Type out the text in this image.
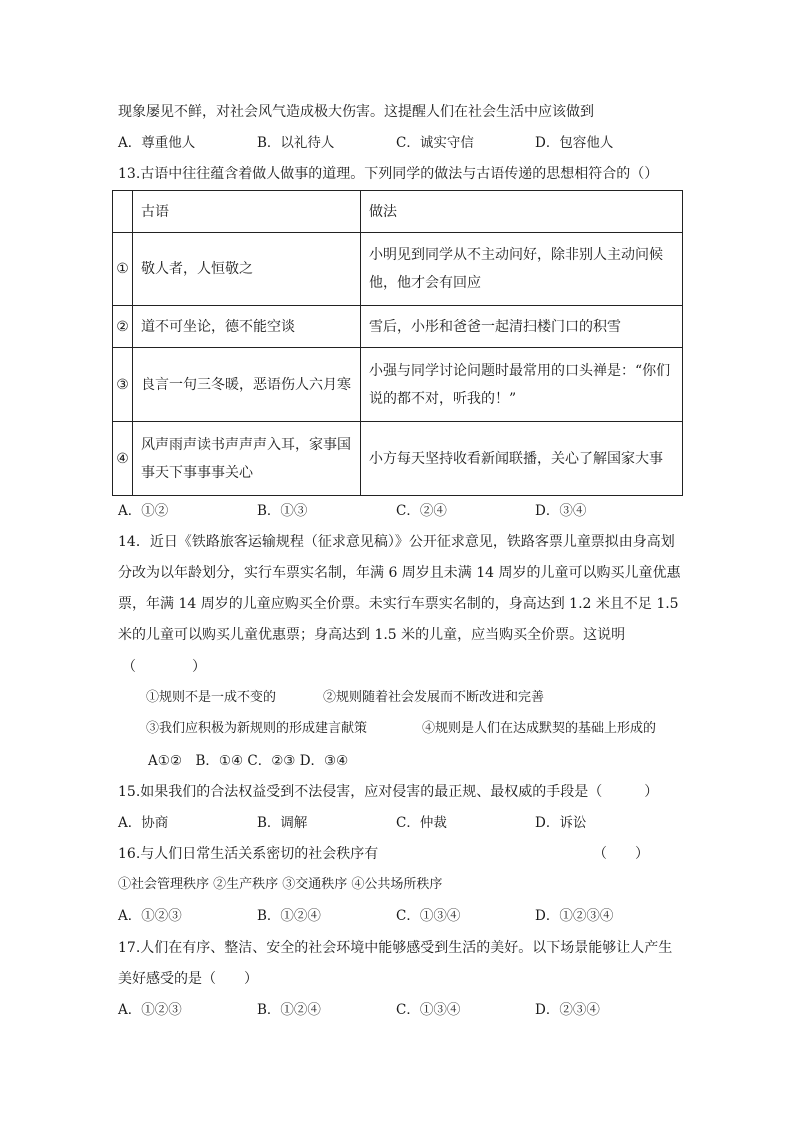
现象屡见不鲜，对社会风气造成极大伤害。这提醒人们在社会生活中应该做到
A．尊重他人	B．以礼待人	C．诚实守信	D．包容他人
13.古语中往往蕴含着做人做事的道理。下列同学的做法与古语传递的思想相符合的（）
	古语	做法
①	敬人者，人恒敬之	小明见到同学从不主动问好，除非别人主动问候他，他才会有回应
②	道不可坐论，德不能空谈	雪后，小彤和爸爸一起清扫楼门口的积雪
③	良言一句三冬暖，恶语伤人六月寒	小强与同学讨论问题时最常用的口头禅是：“你们说的都不对，听我的！”
④	风声雨声读书声声声入耳，家事国事天下事事事关心	小方每天坚持收看新闻联播，关心了解国家大事
A．①②	B．①③	C．②④	D．③④
14．近日《铁路旅客运输规程（征求意见稿）》公开征求意见，铁路客票儿童票拟由身高划
分改为以年龄划分，实行车票实名制，年满 6 周岁且未满 14 周岁的儿童可以购买儿童优惠
票，年满 14 周岁的儿童应购买全价票。未实行车票实名制的，身高达到 1.2 米且不足 1.5
米的儿童可以购买儿童优惠票；身高达到 1.5 米的儿童，应当购买全价票。这说明
（　　　　）
①规则不是一成不变的	②规则随着社会发展而不断改进和完善
③我们应积极为新规则的形成建言献策	④规则是人们在达成默契的基础上形成的
A①②　B．①④ C．②③ D．③④
15.如果我们的合法权益受到不法侵害，应对侵害的最正规、最权威的手段是（　　　）
A．协商	B．调解	C．仲裁	D．诉讼
16.与人们日常生活关系密切的社会秩序有	（　　）
①社会管理秩序 ②生产秩序 ③交通秩序 ④公共场所秩序
A．①②③	B．①②④	C．①③④	D．①②③④
17.人们在有序、整洁、安全的社会环境中能够感受到生活的美好。以下场景能够让人产生
美好感受的是（　　）
A．①②③	B．①②④	C．①③④	D．②③④
